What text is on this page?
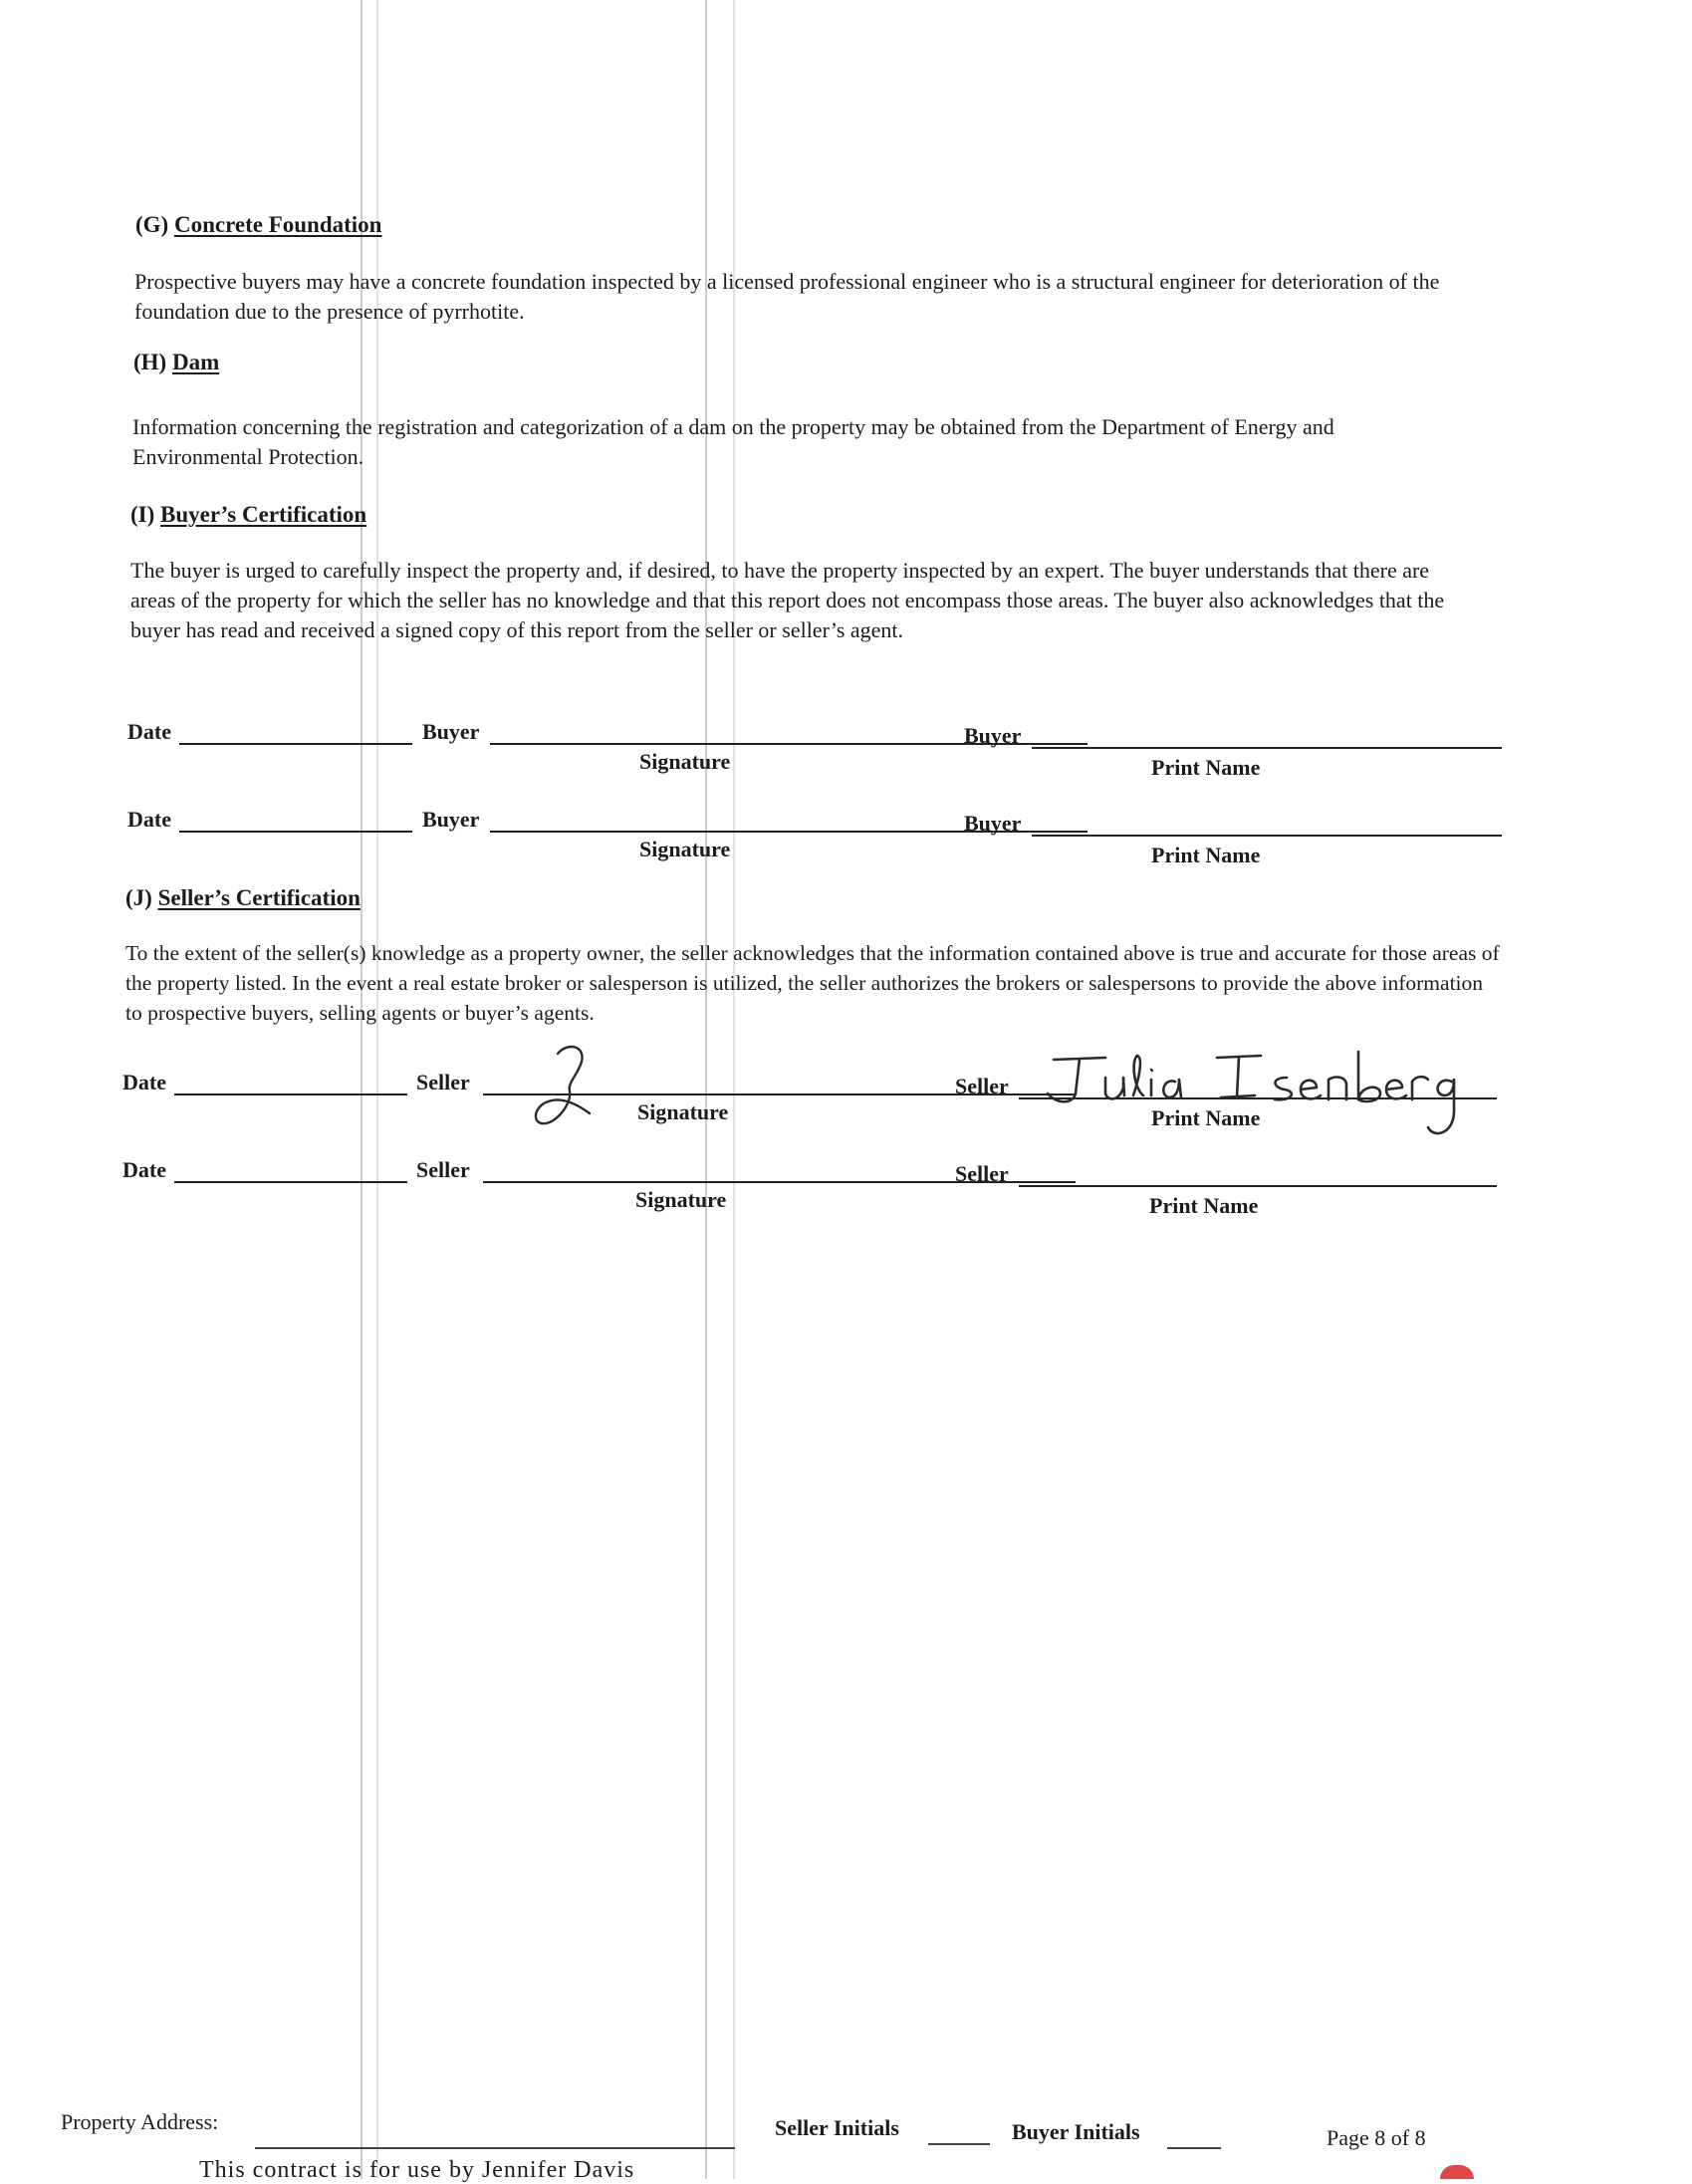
(G) Concrete Foundation
Prospective buyers may have a concrete foundation inspected by a licensed professional engineer who is a structural engineer for deterioration of the foundation due to the presence of pyrrhotite.
(H) Dam
Information concerning the registration and categorization of a dam on the property may be obtained from the Department of Energy and Environmental Protection.
(I) Buyer’s Certification
The buyer is urged to carefully inspect the property and, if desired, to have the property inspected by an expert. The buyer understands that there are areas of the property for which the seller has no knowledge and that this report does not encompass those areas. The buyer also acknowledges that the buyer has read and received a signed copy of this report from the seller or seller’s agent.
Date	Buyer	Buyer
Signature	Print Name
Date	Buyer	Buyer
Signature	Print Name
(J) Seller’s Certification
To the extent of the seller(s) knowledge as a property owner, the seller acknowledges that the information contained above is true and accurate for those areas of the property listed. In the event a real estate broker or salesperson is utilized, the seller authorizes the brokers or salespersons to provide the above information to prospective buyers, selling agents or buyer’s agents.
Date	Seller	Seller
Signature	Print Name
Date	Seller	Seller
Signature	Print Name
Property Address:	Seller Initials	Buyer Initials	Page 8 of 8
This contract is for use by Jennifer Davis
